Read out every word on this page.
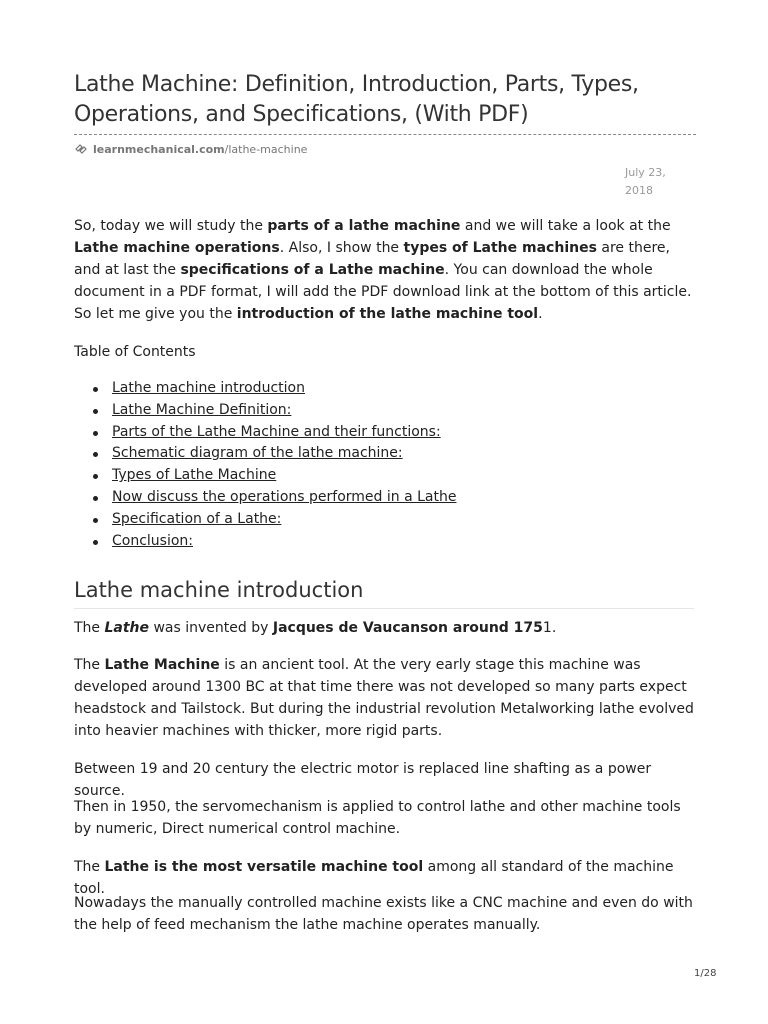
Lathe Machine: Definition, Introduction, Parts, Types, Operations, and Specifications, (With PDF)
learnmechanical.com /lathe-machine
July 23,
2018

So, today we will study the parts of a lathe machine and we will take a look at the Lathe machine operations. Also, I show the types of Lathe machines are there, and at last the specifications of a Lathe machine. You can download the whole document in a PDF format, I will add the PDF download link at the bottom of this article. So let me give you the introduction of the lathe machine tool.

Table of Contents

Lathe machine introduction
Lathe Machine Definition:
Parts of the Lathe Machine and their functions:
Schematic diagram of the lathe machine:
Types of Lathe Machine
Now discuss the operations performed in a Lathe
Specification of a Lathe:
Conclusion:
Lathe machine introduction

The Lathe was invented by Jacques de Vaucanson around 1751.

The Lathe Machine is an ancient tool. At the very early stage this machine was developed around 1300 BC at that time there was not developed so many parts expect headstock and Tailstock. But during the industrial revolution Metalworking lathe evolved into heavier machines with thicker, more rigid parts.

Between 19 and 20 century the electric motor is replaced line shafting as a power source.

Then in 1950, the servomechanism is applied to control lathe and other machine tools by numeric, Direct numerical control machine.

The Lathe is the most versatile machine tool among all standard of the machine tool.

Nowadays the manually controlled machine exists like a CNC machine and even do with the help of feed mechanism the lathe machine operates manually.

1/28
